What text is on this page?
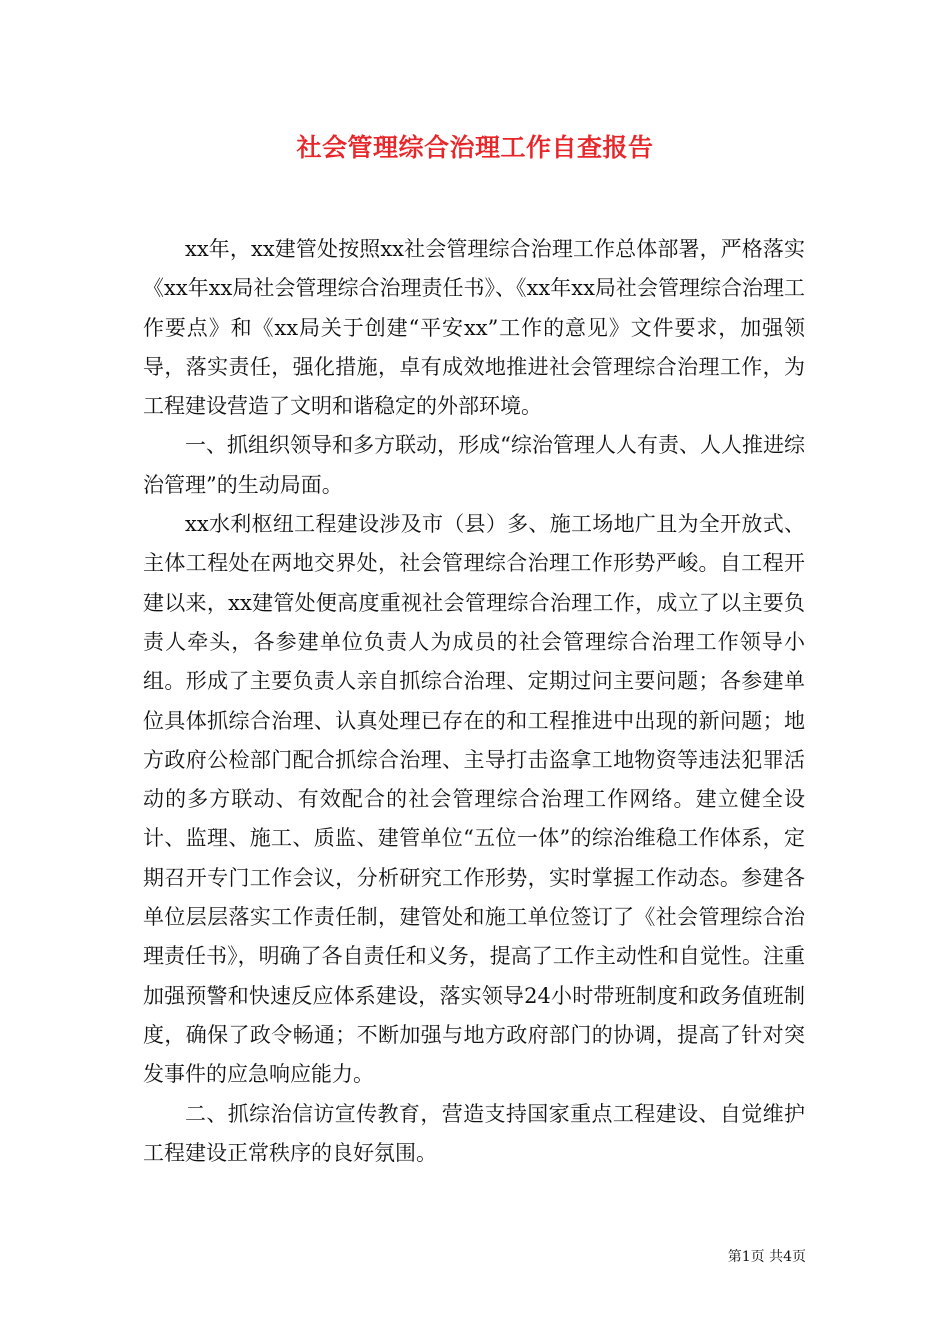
社会管理综合治理工作自查报告

xx年，xx建管处按照xx社会管理综合治理工作总体部署，严格落实《xx年xx局社会管理综合治理责任书》、《xx年xx局社会管理综合治理工作要点》和《xx局关于创建“平安xx”工作的意见》文件要求，加强领导，落实责任，强化措施，卓有成效地推进社会管理综合治理工作，为工程建设营造了文明和谐稳定的外部环境。

一、抓组织领导和多方联动，形成“综治管理人人有责、人人推进综治管理”的生动局面。

xx水利枢纽工程建设涉及市（县）多、施工场地广且为全开放式、主体工程处在两地交界处，社会管理综合治理工作形势严峻。自工程开建以来，xx建管处便高度重视社会管理综合治理工作，成立了以主要负责人牵头，各参建单位负责人为成员的社会管理综合治理工作领导小组。形成了主要负责人亲自抓综合治理、定期过问主要问题；各参建单位具体抓综合治理、认真处理已存在的和工程推进中出现的新问题；地方政府公检部门配合抓综合治理、主导打击盗拿工地物资等违法犯罪活动的多方联动、有效配合的社会管理综合治理工作网络。建立健全设计、监理、施工、质监、建管单位“五位一体”的综治维稳工作体系，定期召开专门工作会议，分析研究工作形势，实时掌握工作动态。参建各单位层层落实工作责任制，建管处和施工单位签订了《社会管理综合治理责任书》，明确了各自责任和义务，提高了工作主动性和自觉性。注重加强预警和快速反应体系建设，落实领导24小时带班制度和政务值班制度，确保了政令畅通；不断加强与地方政府部门的协调，提高了针对突发事件的应急响应能力。

二、抓综治信访宣传教育，营造支持国家重点工程建设、自觉维护工程建设正常秩序的良好氛围。

第1页 共4页
